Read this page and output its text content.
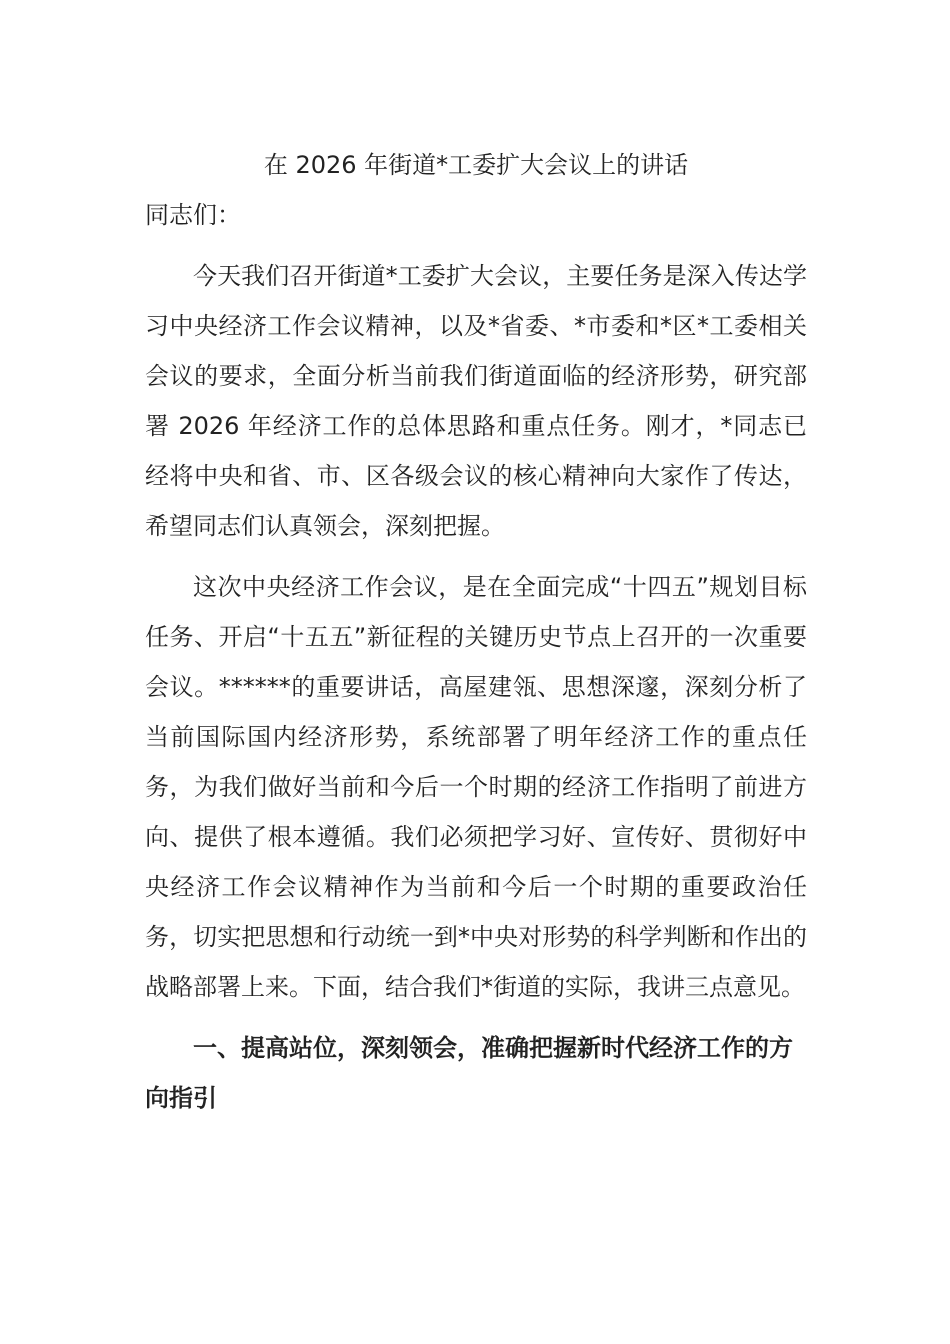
在 2026 年街道*工委扩大会议上的讲话

同志们：

今天我们召开街道*工委扩大会议，主要任务是深入传达学习中央经济工作会议精神，以及*省委、*市委和*区*工委相关会议的要求，全面分析当前我们街道面临的经济形势，研究部署 2026 年经济工作的总体思路和重点任务。刚才，*同志已经将中央和省、市、区各级会议的核心精神向大家作了传达，希望同志们认真领会，深刻把握。

这次中央经济工作会议，是在全面完成“十四五”规划目标任务、开启“十五五”新征程的关键历史节点上召开的一次重要会议。******的重要讲话，高屋建瓴、思想深邃，深刻分析了当前国际国内经济形势，系统部署了明年经济工作的重点任务，为我们做好当前和今后一个时期的经济工作指明了前进方向、提供了根本遵循。我们必须把学习好、宣传好、贯彻好中央经济工作会议精神作为当前和今后一个时期的重要政治任务，切实把思想和行动统一到*中央对形势的科学判断和作出的战略部署上来。下面，结合我们*街道的实际，我讲三点意见。

一、提高站位，深刻领会，准确把握新时代经济工作的方向指引
